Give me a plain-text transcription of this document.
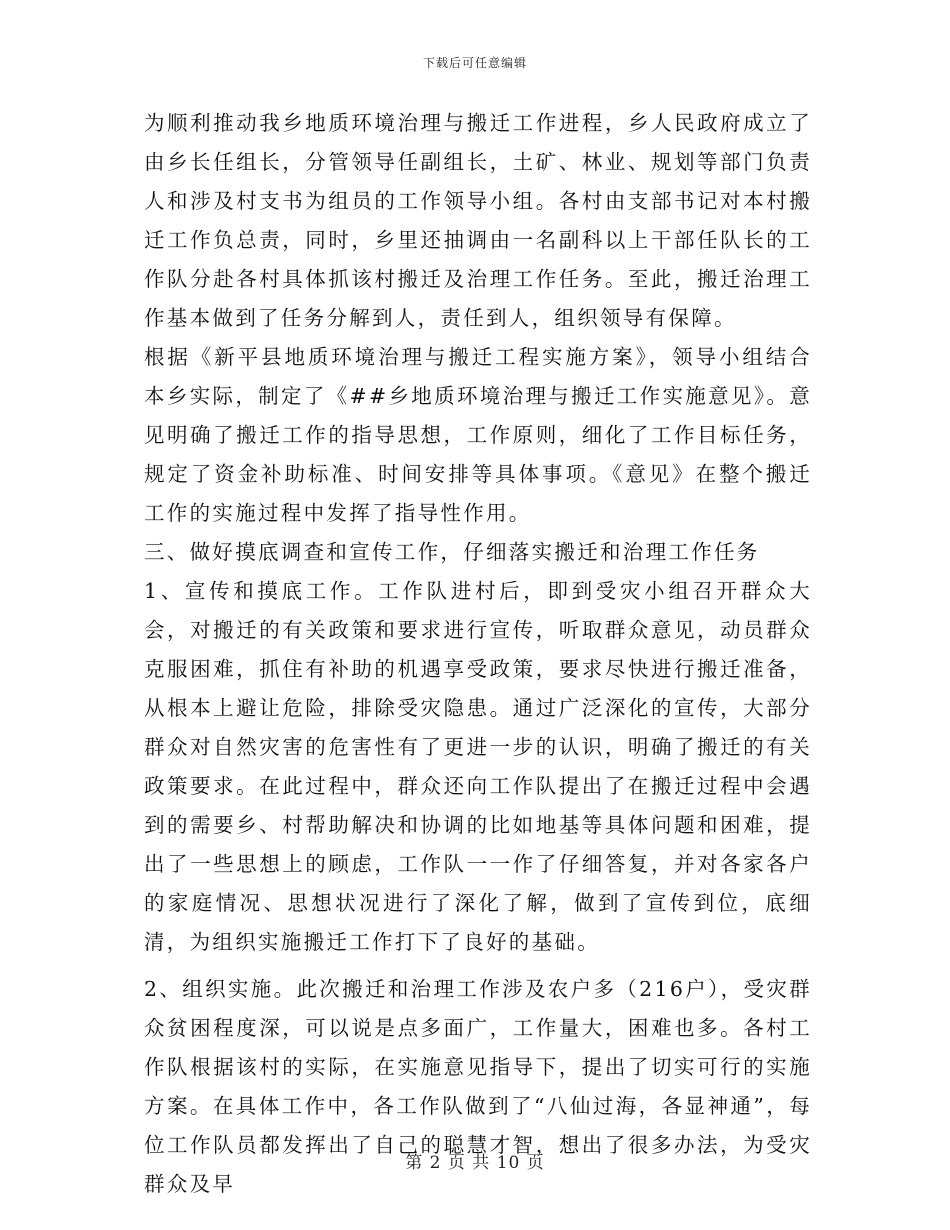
下载后可任意编辑

为顺利推动我乡地质环境治理与搬迁工作进程，乡人民政府成立了由乡长任组长，分管领导任副组长，土矿、林业、规划等部门负责人和涉及村支书为组员的工作领导小组。各村由支部书记对本村搬迁工作负总责，同时，乡里还抽调由一名副科以上干部任队长的工作队分赴各村具体抓该村搬迁及治理工作任务。至此，搬迁治理工作基本做到了任务分解到人，责任到人，组织领导有保障。

根据《新平县地质环境治理与搬迁工程实施方案》，领导小组结合本乡实际，制定了《##乡地质环境治理与搬迁工作实施意见》。意见明确了搬迁工作的指导思想，工作原则，细化了工作目标任务，规定了资金补助标准、时间安排等具体事项。《意见》在整个搬迁工作的实施过程中发挥了指导性作用。

三、做好摸底调查和宣传工作，仔细落实搬迁和治理工作任务

1、宣传和摸底工作。工作队进村后，即到受灾小组召开群众大会，对搬迁的有关政策和要求进行宣传，听取群众意见，动员群众克服困难，抓住有补助的机遇享受政策，要求尽快进行搬迁准备，从根本上避让危险，排除受灾隐患。通过广泛深化的宣传，大部分群众对自然灾害的危害性有了更进一步的认识，明确了搬迁的有关政策要求。在此过程中，群众还向工作队提出了在搬迁过程中会遇到的需要乡、村帮助解决和协调的比如地基等具体问题和困难，提出了一些思想上的顾虑，工作队一一作了仔细答复，并对各家各户的家庭情况、思想状况进行了深化了解，做到了宣传到位，底细清，为组织实施搬迁工作打下了良好的基础。

2、组织实施。此次搬迁和治理工作涉及农户多（216户），受灾群众贫困程度深，可以说是点多面广，工作量大，困难也多。各村工作队根据该村的实际，在实施意见指导下，提出了切实可行的实施方案。在具体工作中，各工作队做到了“八仙过海，各显神通”，每位工作队员都发挥出了自己的聪慧才智，想出了很多办法，为受灾群众及早

第 2 页 共 10 页
